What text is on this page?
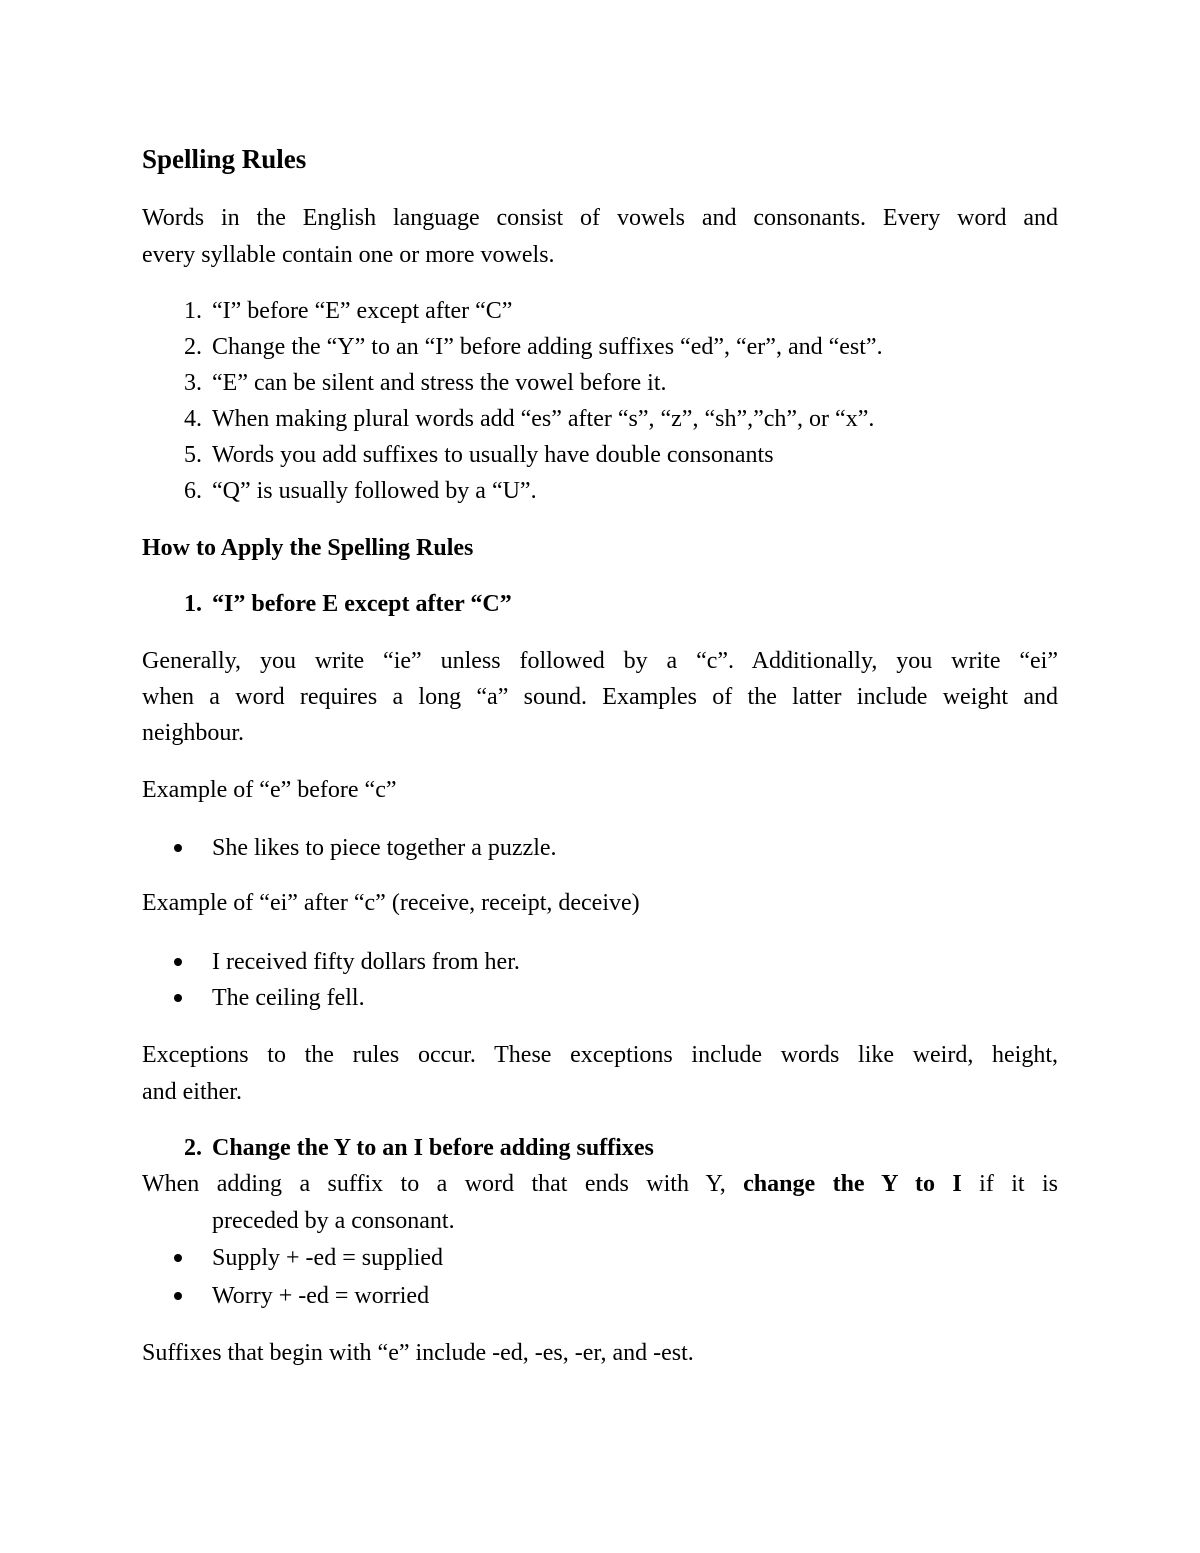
Spelling Rules
Words in the English language consist of vowels and consonants. Every word and
every syllable contain one or more vowels.
1. “I” before “E” except after “C”
2. Change the “Y” to an “I” before adding suffixes “ed”, “er”, and “est”.
3. “E” can be silent and stress the vowel before it.
4. When making plural words add “es” after “s”, “z”, “sh”,”ch”, or “x”.
5. Words you add suffixes to usually have double consonants
6. “Q” is usually followed by a “U”.
How to Apply the Spelling Rules
1. “I” before E except after “C”
Generally, you write “ie” unless followed by a “c”. Additionally, you write “ei”
when a word requires a long “a” sound. Examples of the latter include weight and
neighbour.
Example of “e” before “c”
She likes to piece together a puzzle.
Example of “ei” after “c” (receive, receipt, deceive)
I received fifty dollars from her.
The ceiling fell.
Exceptions to the rules occur. These exceptions include words like weird, height,
and either.
2. Change the Y to an I before adding suffixes
When adding a suffix to a word that ends with Y, change the Y to I if it is
preceded by a consonant.
Supply + -ed = supplied
Worry + -ed = worried
Suffixes that begin with “e” include -ed, -es, -er, and -est.
